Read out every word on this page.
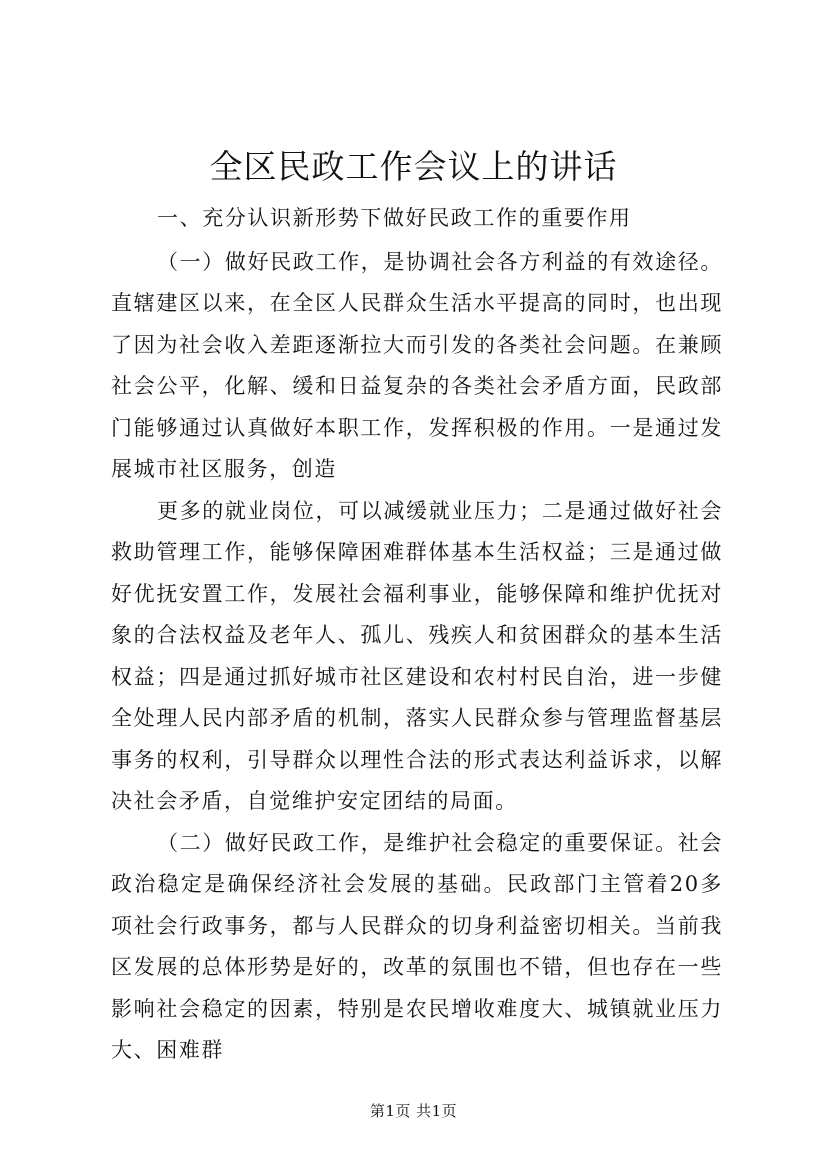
全区民政工作会议上的讲话
一、充分认识新形势下做好民政工作的重要作用

（一）做好民政工作，是协调社会各方利益的有效途径。直辖建区以来，在全区人民群众生活水平提高的同时，也出现了因为社会收入差距逐渐拉大而引发的各类社会问题。在兼顾社会公平，化解、缓和日益复杂的各类社会矛盾方面，民政部门能够通过认真做好本职工作，发挥积极的作用。一是通过发展城市社区服务，创造

更多的就业岗位，可以减缓就业压力；二是通过做好社会救助管理工作，能够保障困难群体基本生活权益；三是通过做好优抚安置工作，发展社会福利事业，能够保障和维护优抚对象的合法权益及老年人、孤儿、残疾人和贫困群众的基本生活权益；四是通过抓好城市社区建设和农村村民自治，进一步健全处理人民内部矛盾的机制，落实人民群众参与管理监督基层事务的权利，引导群众以理性合法的形式表达利益诉求，以解决社会矛盾，自觉维护安定团结的局面。

（二）做好民政工作，是维护社会稳定的重要保证。社会政治稳定是确保经济社会发展的基础。民政部门主管着20多项社会行政事务，都与人民群众的切身利益密切相关。当前我区发展的总体形势是好的，改革的氛围也不错，但也存在一些影响社会稳定的因素，特别是农民增收难度大、城镇就业压力大、困难群

第1页 共1页
